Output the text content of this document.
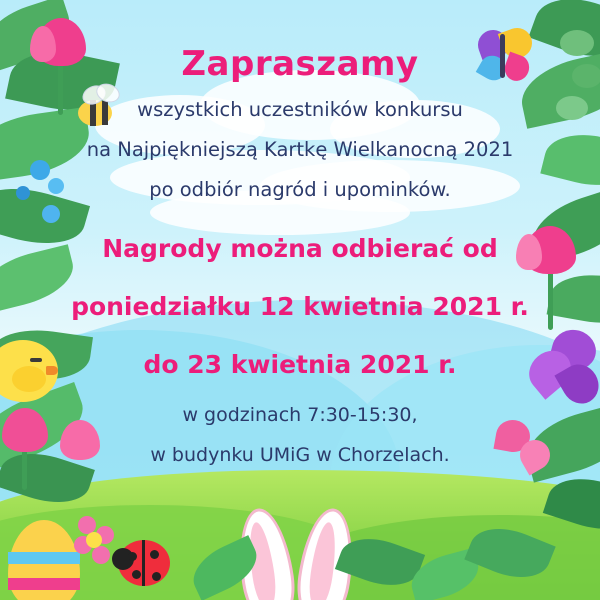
Zapraszamy
wszystkich uczestników konkursu
na Najpiękniejszą Kartkę Wielkanocną 2021
po odbiór nagród i upominków.
Nagrody można odbierać od
poniedziałku 12 kwietnia 2021 r.
do 23 kwietnia 2021 r.
w godzinach 7:30-15:30,
w budynku UMiG w Chorzelach.
